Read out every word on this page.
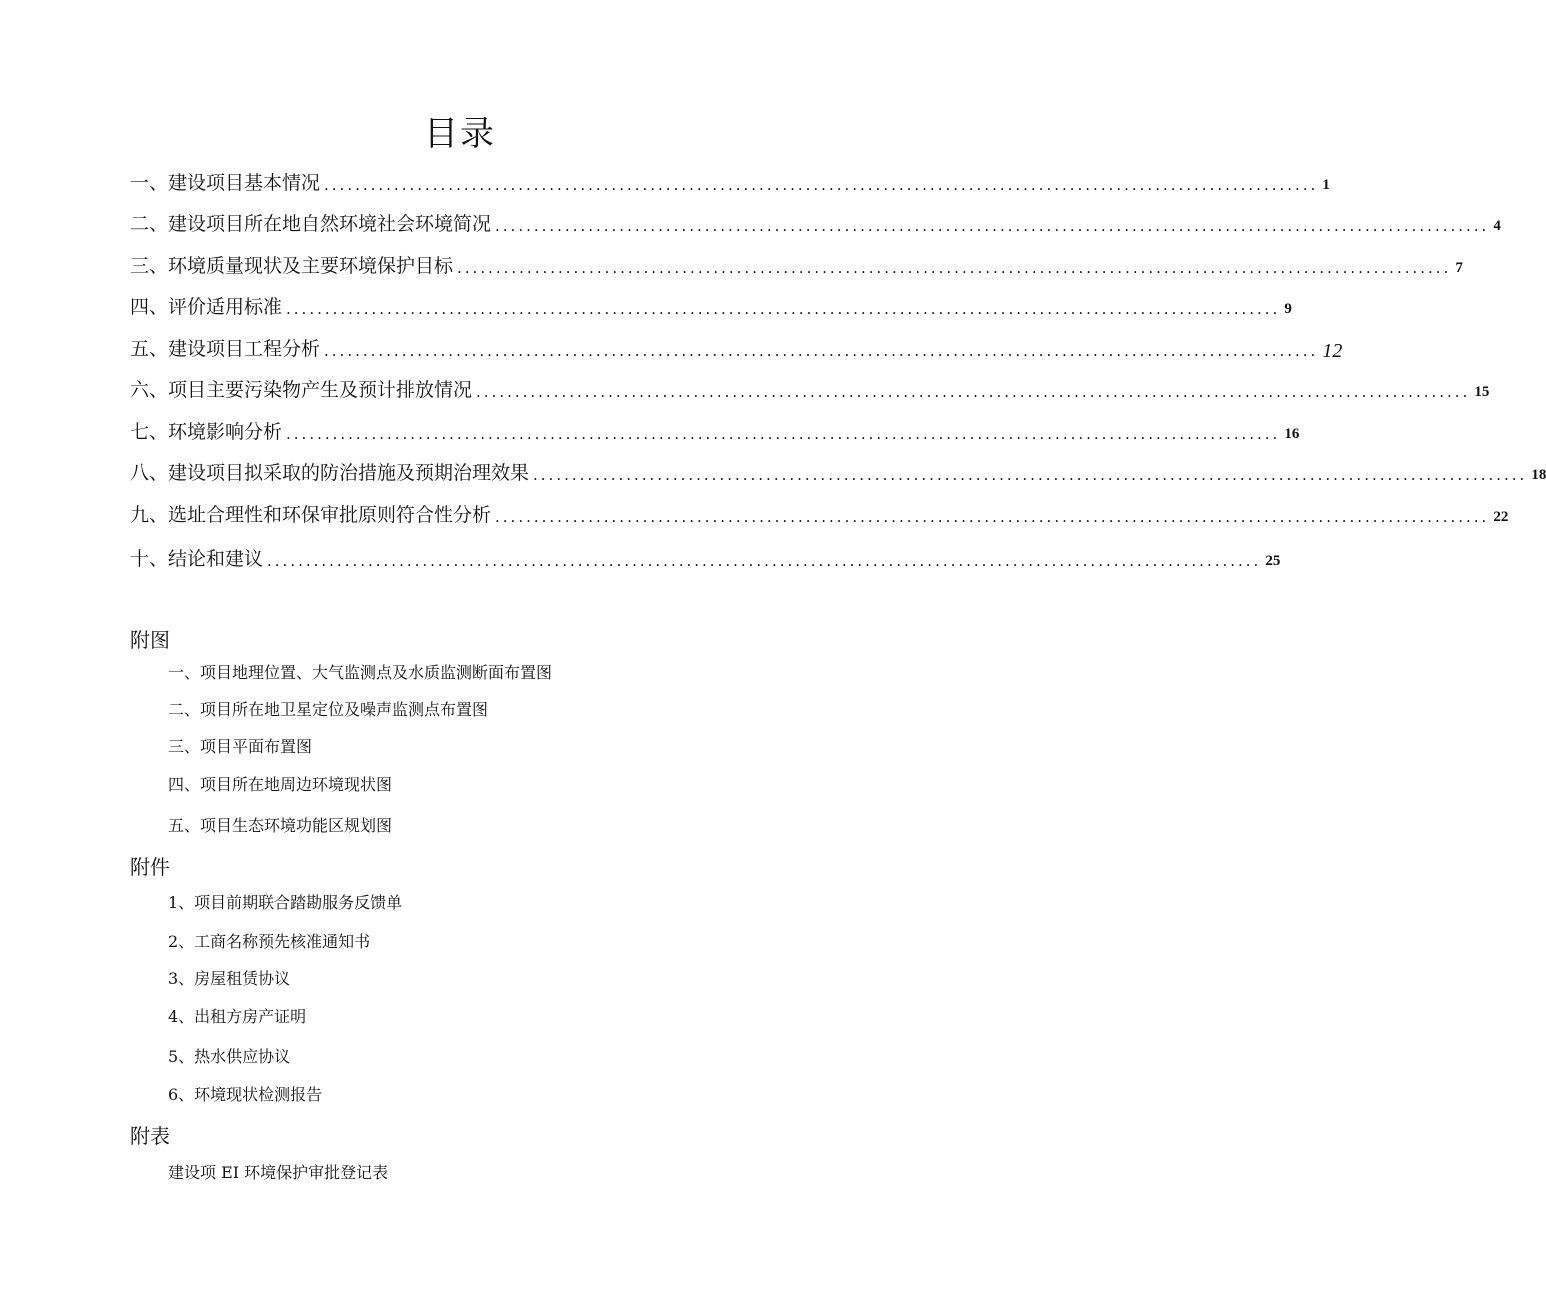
目录
一、建设项目基本情况 ................................................................................................................................ 1
二、建设项目所在地自然环境社会环境简况 ................................................................................................................................ 4
三、环境质量现状及主要环境保护目标 ................................................................................................................................ 7
四、评价适用标准 ................................................................................................................................ 9
五、建设项目工程分析 ................................................................................................................................ 12
六、项目主要污染物产生及预计排放情况 ................................................................................................................................ 15
七、环境影响分析 ................................................................................................................................ 16
八、建设项目拟采取的防治措施及预期治理效果 ................................................................................................................................ 18
九、选址合理性和环保审批原则符合性分析 ................................................................................................................................ 22
十、结论和建议 ................................................................................................................................ 25
附图
一、项目地理位置、大气监测点及水质监测断面布置图
二、项目所在地卫星定位及噪声监测点布置图
三、项目平面布置图
四、项目所在地周边环境现状图
五、项目生态环境功能区规划图
附件
1、项目前期联合踏勘服务反馈单
2、工商名称预先核准通知书
3、房屋租赁协议
4、出租方房产证明
5、热水供应协议
6、环境现状检测报告
附表
建设项 EI 环境保护审批登记表
